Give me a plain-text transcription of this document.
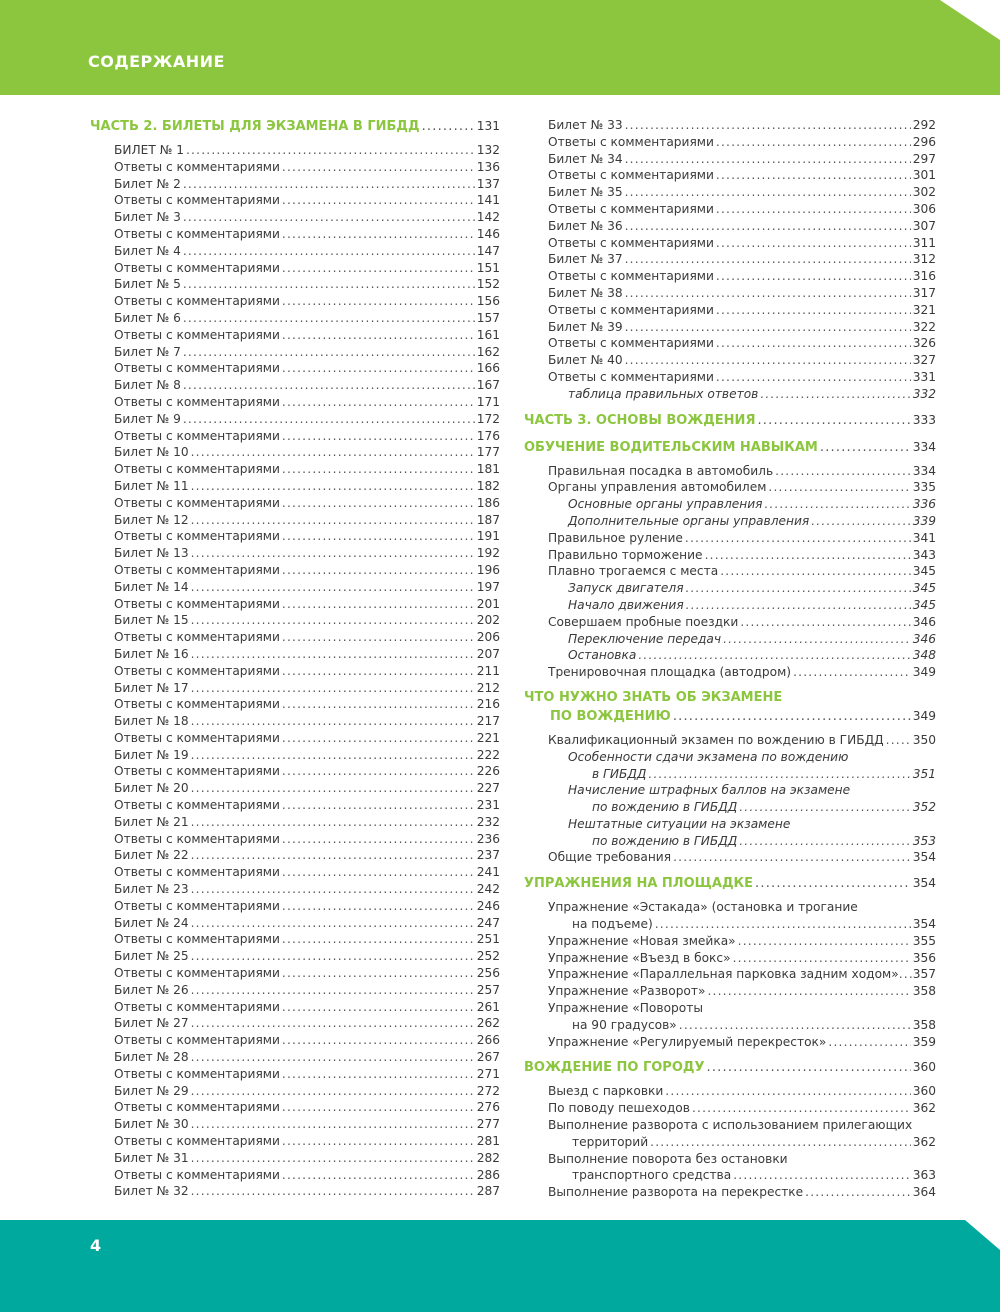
СОДЕРЖАНИЕ
ЧАСТЬ 2. БИЛЕТЫ ДЛЯ ЭКЗАМЕНА В ГИБДД .....	131
БИЛЕТ № 1 .....	132
Ответы с комментариями .....	136
Билет № 2 .....	137
Ответы с комментариями .....	141
Билет № 3 .....	142
Ответы с комментариями .....	146
Билет № 4 .....	147
Ответы с комментариями .....	151
Билет № 5 .....	152
Ответы с комментариями .....	156
Билет № 6 .....	157
Ответы с комментариями .....	161
Билет № 7 .....	162
Ответы с комментариями .....	166
Билет № 8 .....	167
Ответы с комментариями .....	171
Билет № 9 .....	172
Ответы с комментариями .....	176
Билет № 10 .....	177
Ответы с комментариями .....	181
Билет № 11 .....	182
Ответы с комментариями .....	186
Билет № 12 .....	187
Ответы с комментариями .....	191
Билет № 13 .....	192
Ответы с комментариями .....	196
Билет № 14 .....	197
Ответы с комментариями .....	201
Билет № 15 .....	202
Ответы с комментариями .....	206
Билет № 16 .....	207
Ответы с комментариями .....	211
Билет № 17 .....	212
Ответы с комментариями .....	216
Билет № 18 .....	217
Ответы с комментариями .....	221
Билет № 19 .....	222
Ответы с комментариями .....	226
Билет № 20 .....	227
Ответы с комментариями .....	231
Билет № 21 .....	232
Ответы с комментариями .....	236
Билет № 22 .....	237
Ответы с комментариями .....	241
Билет № 23 .....	242
Ответы с комментариями .....	246
Билет № 24 .....	247
Ответы с комментариями .....	251
Билет № 25 .....	252
Ответы с комментариями .....	256
Билет № 26 .....	257
Ответы с комментариями .....	261
Билет № 27 .....	262
Ответы с комментариями .....	266
Билет № 28 .....	267
Ответы с комментариями .....	271
Билет № 29 .....	272
Ответы с комментариями .....	276
Билет № 30 .....	277
Ответы с комментариями .....	281
Билет № 31 .....	282
Ответы с комментариями .....	286
Билет № 32 .....	287
Билет № 33 .....	292
Ответы с комментариями .....	296
Билет № 34 .....	297
Ответы с комментариями .....	301
Билет № 35 .....	302
Ответы с комментариями .....	306
Билет № 36 .....	307
Ответы с комментариями .....	311
Билет № 37 .....	312
Ответы с комментариями .....	316
Билет № 38 .....	317
Ответы с комментариями .....	321
Билет № 39 .....	322
Ответы с комментариями .....	326
Билет № 40 .....	327
Ответы с комментариями .....	331
таблица правильных ответов .....	332
ЧАСТЬ 3. ОСНОВЫ ВОЖДЕНИЯ .....	333
ОБУЧЕНИЕ ВОДИТЕЛЬСКИМ НАВЫКАМ .....	334
Правильная посадка в автомобиль .....	334
Органы управления автомобилем .....	335
Основные органы управления .....	336
Дополнительные органы управления .....	339
Правильное руление .....	341
Правильно торможение .....	343
Плавно трогаемся с места .....	345
Запуск двигателя .....	345
Начало движения .....	345
Совершаем пробные поездки .....	346
Переключение передач .....	346
Остановка .....	348
Тренировочная площадка (автодром) .....	349
ЧТО НУЖНО ЗНАТЬ ОБ ЭКЗАМЕНЕ
ПО ВОЖДЕНИЮ .....	349
Квалификационный экзамен по вождению в ГИБДД ..... 350
Особенности сдачи экзамена по вождению
в ГИБДД .....	351
Начисление штрафных баллов на экзамене
по вождению в ГИБДД .....	352
Нештатные ситуации на экзамене
по вождению в ГИБДД .....	353
Общие требования .....	354
УПРАЖНЕНИЯ НА ПЛОЩАДКЕ .....	354
Упражнение «Эстакада» (остановка и трогание
на подъеме) .....	354
Упражнение «Новая змейка» .....	355
Упражнение «Въезд в бокс» .....	356
Упражнение «Параллельная парковка задним ходом» ..... 357
Упражнение «Разворот» .....	358
Упражнение «Повороты
на 90 градусов» .....	358
Упражнение «Регулируемый перекресток» .....	359
ВОЖДЕНИЕ ПО ГОРОДУ .....	360
Выезд с парковки .....	360
По поводу пешеходов .....	362
Выполнение разворота с использованием прилегающих
территорий .....	362
Выполнение поворота без остановки
транспортного средства .....	363
Выполнение разворота на перекрестке .....	364
4
